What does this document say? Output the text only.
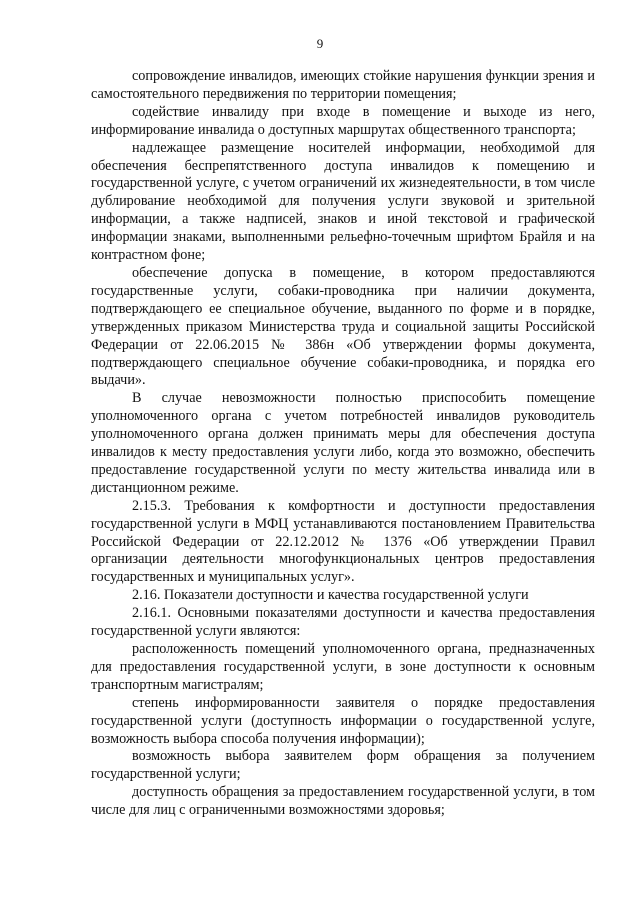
9

сопровождение инвалидов, имеющих стойкие нарушения функции зрения и самостоятельного передвижения по территории помещения;

содействие инвалиду при входе в помещение и выходе из него, информирование инвалида о доступных маршрутах общественного транспорта;

надлежащее размещение носителей информации, необходимой для обеспечения беспрепятственного доступа инвалидов к помещению и государственной услуге, с учетом ограничений их жизнедеятельности, в том числе дублирование необходимой для получения услуги звуковой и зрительной информации, а также надписей, знаков и иной текстовой и графической информации знаками, выполненными рельефно-точечным шрифтом Брайля и на контрастном фоне;

обеспечение допуска в помещение, в котором предоставляются государственные услуги, собаки-проводника при наличии документа, подтверждающего ее специальное обучение, выданного по форме и в порядке, утвержденных приказом Министерства труда и социальной защиты Российской Федерации от 22.06.2015 № 386н «Об утверждении формы документа, подтверждающего специальное обучение собаки-проводника, и порядка его выдачи».

В случае невозможности полностью приспособить помещение уполномоченного органа с учетом потребностей инвалидов руководитель уполномоченного органа должен принимать меры для обеспечения доступа инвалидов к месту предоставления услуги либо, когда это возможно, обеспечить предоставление государственной услуги по месту жительства инвалида или в дистанционном режиме.

2.15.3. Требования к комфортности и доступности предоставления государственной услуги в МФЦ устанавливаются постановлением Правительства Российской Федерации от 22.12.2012 № 1376 «Об утверждении Правил организации деятельности многофункциональных центров предоставления государственных и муниципальных услуг».

2.16. Показатели доступности и качества государственной услуги

2.16.1. Основными показателями доступности и качества предоставления государственной услуги являются:

расположенность помещений уполномоченного органа, предназначенных для предоставления государственной услуги, в зоне доступности к основным транспортным магистралям;

степень информированности заявителя о порядке предоставления государственной услуги (доступность информации о государственной услуге, возможность выбора способа получения информации);

возможность выбора заявителем форм обращения за получением государственной услуги;

доступность обращения за предоставлением государственной услуги, в том числе для лиц с ограниченными возможностями здоровья;
